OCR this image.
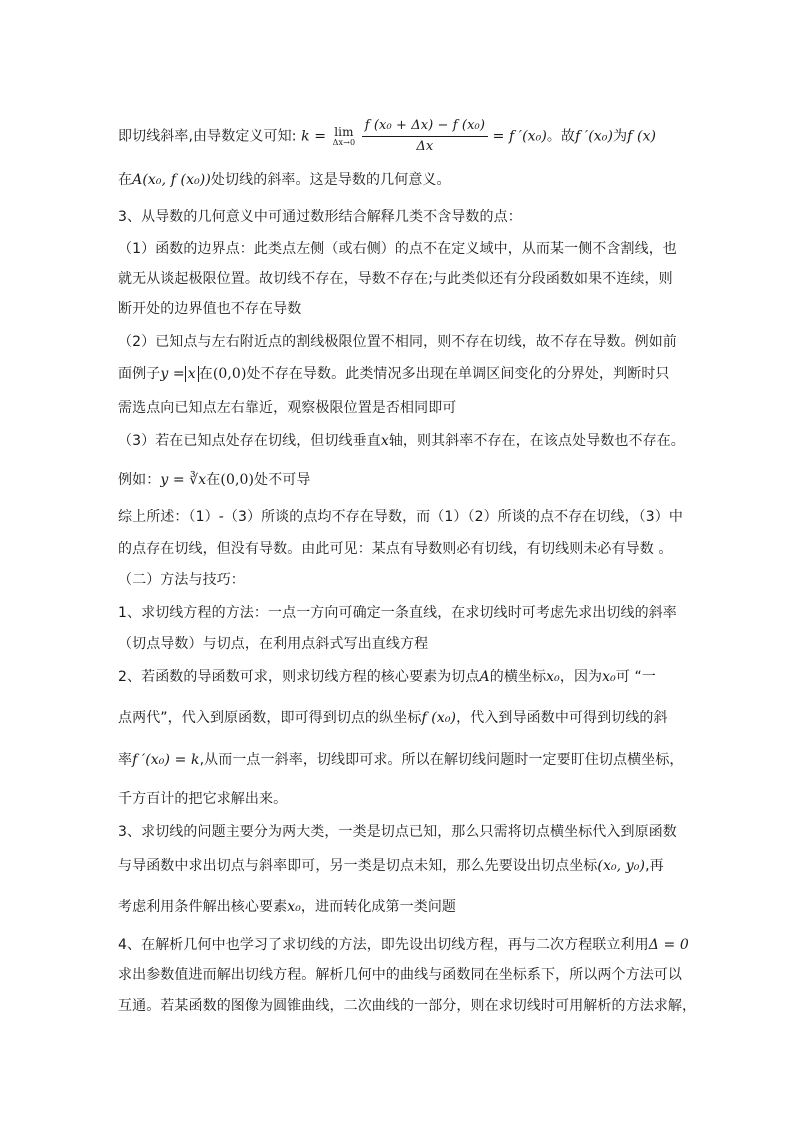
即切线斜率,由导数定义可知: k = lim
Δx→0
$\frac{\text{f (x₀ + Δx) − f (x₀)}}{\Delta x} = f$ ′(x₀)。故f ′(x₀)为f (x)
在A(x₀, f (x₀))处切线的斜率。这是导数的几何意义。
3、从导数的几何意义中可通过数形结合解释几类不含导数的点：
（1）函数的边界点：此类点左侧（或右侧）的点不在定义域中，从而某一侧不含割线，也
就无从谈起极限位置。故切线不存在，导数不存在;与此类似还有分段函数如果不连续，则
断开处的边界值也不存在导数
（2）已知点与左右附近点的割线极限位置不相同，则不存在切线，故不存在导数。例如前
面例子y = x 在(0,0)处不存在导数。此类情况多出现在单调区间变化的分界处，判断时只
需选点向已知点左右靠近，观察极限位置是否相同即可
（3）若在已知点处存在切线，但切线垂直x轴，则其斜率不存在，在该点处导数也不存在。
例如：y = ∛x在(0,0)处不可导
综上所述：（1）-（3）所谈的点均不存在导数，而（1）（2）所谈的点不存在切线，（3）中
的点存在切线，但没有导数。由此可见：某点有导数则必有切线，有切线则未必有导数 。
（二）方法与技巧：
1、求切线方程的方法：一点一方向可确定一条直线，在求切线时可考虑先求出切线的斜率
（切点导数）与切点，在利用点斜式写出直线方程
2、若函数的导函数可求，则求切线方程的核心要素为切点A的横坐标x₀，因为x₀可 “一
点两代”，代入到原函数，即可得到切点的纵坐标f (x₀)，代入到导函数中可得到切线的斜
率f ′(x₀) = k,从而一点一斜率，切线即可求。所以在解切线问题时一定要盯住切点横坐标，
千方百计的把它求解出来。
3、求切线的问题主要分为两大类，一类是切点已知，那么只需将切点横坐标代入到原函数
与导函数中求出切点与斜率即可，另一类是切点未知，那么先要设出切点坐标(x₀, y₀),再
考虑利用条件解出核心要素x₀，进而转化成第一类问题
4、在解析几何中也学习了求切线的方法，即先设出切线方程，再与二次方程联立利用Δ = 0
求出参数值进而解出切线方程。解析几何中的曲线与函数同在坐标系下，所以两个方法可以
互通。若某函数的图像为圆锥曲线，二次曲线的一部分，则在求切线时可用解析的方法求解，
